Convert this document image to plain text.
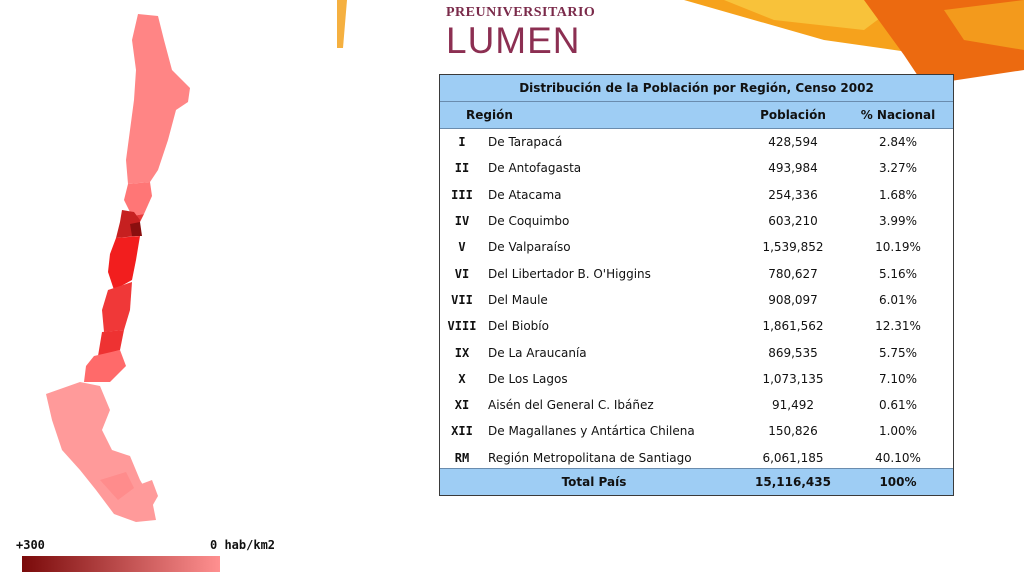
PREUNIVERSITARIO
LUMEN
+300	0 hab/km2
Distribución de la Población por Región, Censo 2002
Región	Población	% Nacional
I	De Tarapacá	428,594	2.84%
II	De Antofagasta	493,984	3.27%
III	De Atacama	254,336	1.68%
IV	De Coquimbo	603,210	3.99%
V	De Valparaíso	1,539,852	10.19%
VI	Del Libertador B. O'Higgins	780,627	5.16%
VII	Del Maule	908,097	6.01%
VIII Del Biobío	1,861,562	12.31%
IX	De La Araucanía	869,535	5.75%
X	De Los Lagos	1,073,135	7.10%
XI	Aisén del General C. Ibáñez	91,492	0.61%
XII	De Magallanes y Antártica Chilena	150,826	1.00%
RM	Región Metropolitana de Santiago	6,061,185	40.10%
Total País	15,116,435	100%
